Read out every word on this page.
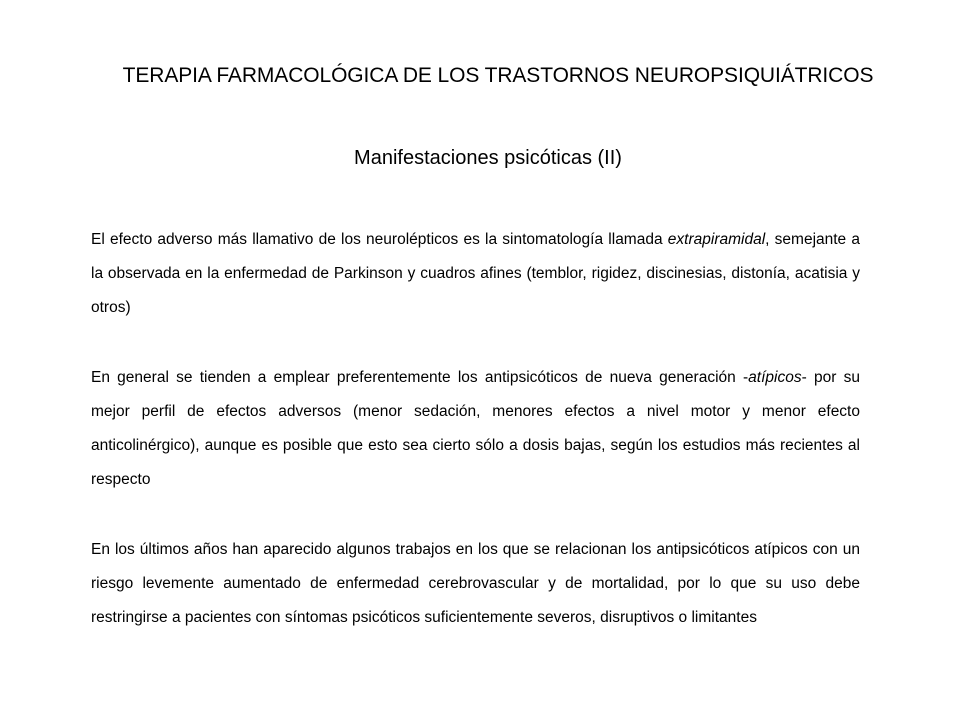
TERAPIA FARMACOLÓGICA DE LOS TRASTORNOS NEUROPSIQUIÁTRICOS
Manifestaciones psicóticas (II)

El efecto adverso más llamativo de los neurolépticos es la sintomatología llamada extrapiramidal, semejante a la observada en la enfermedad de Parkinson y cuadros afines (temblor, rigidez, discinesias, distonía, acatisia y otros)

En general se tienden a emplear preferentemente los antipsicóticos de nueva generación -atípicos- por su mejor perfil de efectos adversos (menor sedación, menores efectos a nivel motor y menor efecto anticolinérgico), aunque es posible que esto sea cierto sólo a dosis bajas, según los estudios más recientes al respecto

En los últimos años han aparecido algunos trabajos en los que se relacionan los antipsicóticos atípicos con un riesgo levemente aumentado de enfermedad cerebrovascular y de mortalidad, por lo que su uso debe restringirse a pacientes con síntomas psicóticos suficientemente severos, disruptivos o limitantes
